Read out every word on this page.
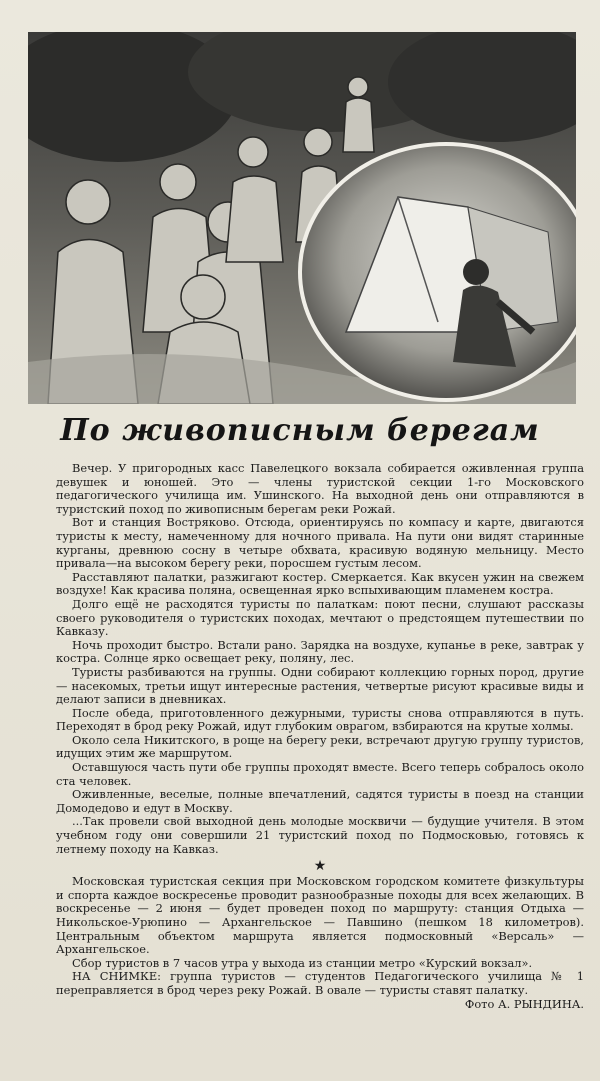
По живописным берегам

Вечер. У пригородных касс Павелецкого вокзала собирается оживленная группа девушек и юношей. Это — члены туристской секции 1-го Московского педагогического училища им. Ушинского. На выходной день они отправляются в туристский поход по живописным берегам реки Рожай.

Вот и станция Востряково. Отсюда, ориентируясь по компасу и карте, двигаются туристы к месту, намеченному для ночного привала. На пути они видят старинные курганы, древнюю сосну в четыре обхвата, красивую водяную мельницу. Место привала—на высоком берегу реки, поросшем густым лесом.

Расставляют палатки, разжигают костер. Смеркается. Как вкусен ужин на свежем воздухе! Как красива поляна, освещенная ярко вспыхивающим пламенем костра.

Долго ещё не расходятся туристы по палаткам: поют песни, слушают рассказы своего руководителя о туристских походах, мечтают о предстоящем путешествии по Кавказу.

Ночь проходит быстро. Встали рано. Зарядка на воздухе, купанье в реке, завтрак у костра. Солнце ярко освещает реку, поляну, лес.

Туристы разбиваются на группы. Одни собирают коллекцию горных пород, другие — насекомых, третьи ищут интересные растения, четвертые рисуют красивые виды и делают записи в дневниках.

После обеда, приготовленного дежурными, туристы снова отправляются в путь. Переходят в брод реку Рожай, идут глубоким оврагом, взбираются на крутые холмы.

Около села Никитского, в роще на берегу реки, встречают другую группу туристов, идущих этим же маршрутом.

Оставшуюся часть пути обе группы проходят вместе. Всего теперь собралось около ста человек.

Оживленные, веселые, полные впечатлений, садятся туристы в поезд на станции Домодедово и едут в Москву.

...Так провели свой выходной день молодые москвичи — будущие учителя. В этом учебном году они совершили 21 туристский поход по Подмосковью, готовясь к летнему походу на Кавказ.

★

Московская туристская секция при Московском городском комитете физкультуры и спорта каждое воскресенье проводит разнообразные походы для всех желающих. В воскресенье — 2 июня — будет проведен поход по маршруту: станция Отдыха — Никольское-Урюпино — Архангельское — Павшино (пешком 18 километров). Центральным объектом маршрута является подмосковный «Версаль» — Архангельское.

Сбор туристов в 7 часов утра у выхода из станции метро «Курский вокзал».

НА СНИМКЕ: группа туристов — студентов Педагогического училища № 1 переправляется в брод через реку Рожай. В овале — туристы ставят палатку.

Фото А. РЫНДИНА.
